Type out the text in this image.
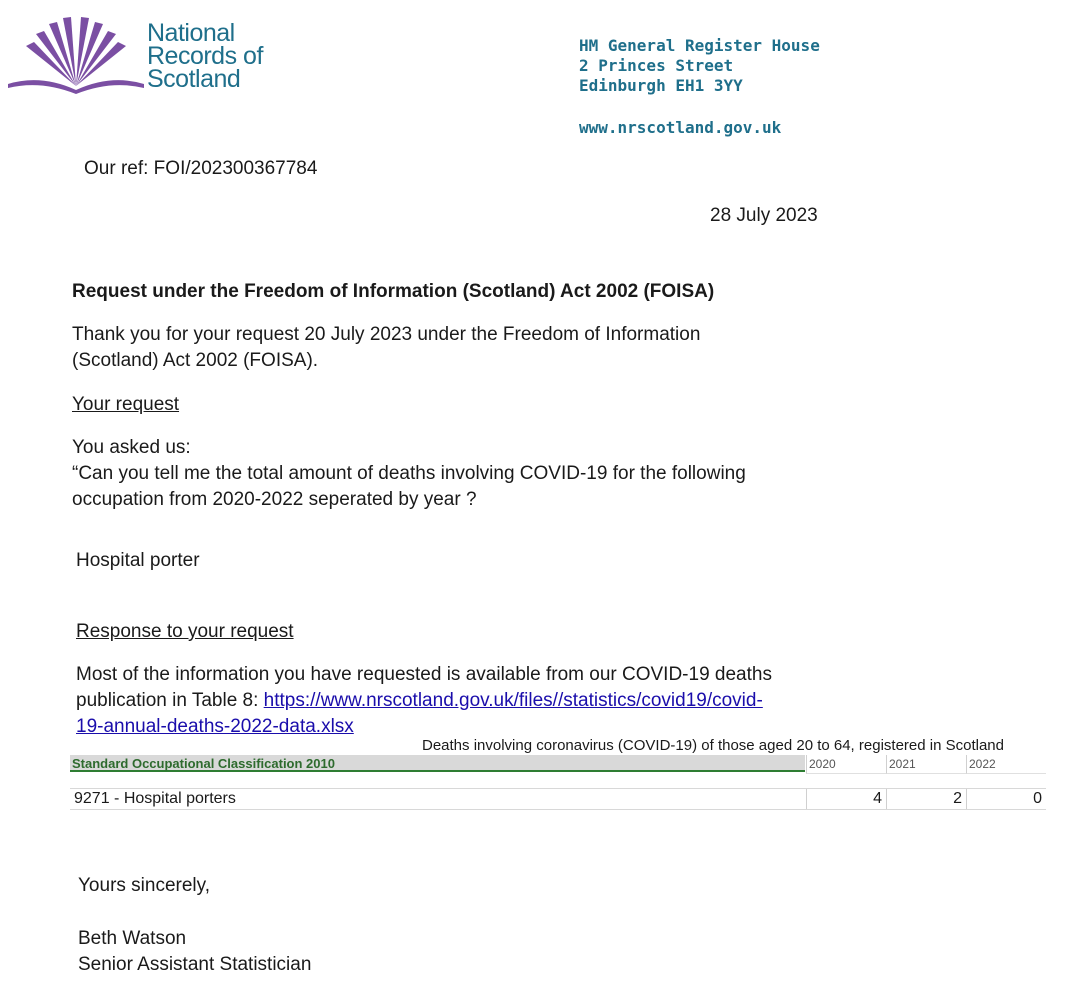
National
Records of
Scotland
HM General Register House
2 Princes Street
Edinburgh EH1 3YY
www.nrscotland.gov.uk
Our ref: FOI/202300367784
28 July 2023
Request under the Freedom of Information (Scotland) Act 2002 (FOISA)
Thank you for your request 20 July 2023 under the Freedom of Information
(Scotland) Act 2002 (FOISA).
Your request
You asked us:
“Can you tell me the total amount of deaths involving COVID-19 for the following
occupation from 2020-2022 seperated by year ?
Hospital porter
Response to your request
Most of the information you have requested is available from our COVID-19 deaths
publication in Table 8: https://www.nrscotland.gov.uk/files//statistics/covid19/covid-
19-annual-deaths-2022-data.xlsx
Deaths involving coronavirus (COVID-19) of those aged 20 to 64, registered in Scotland
Standard Occupational Classification 2010	2020	2021	2022
9271 - Hospital porters	4	2	0
Yours sincerely,
Beth Watson
Senior Assistant Statistician
